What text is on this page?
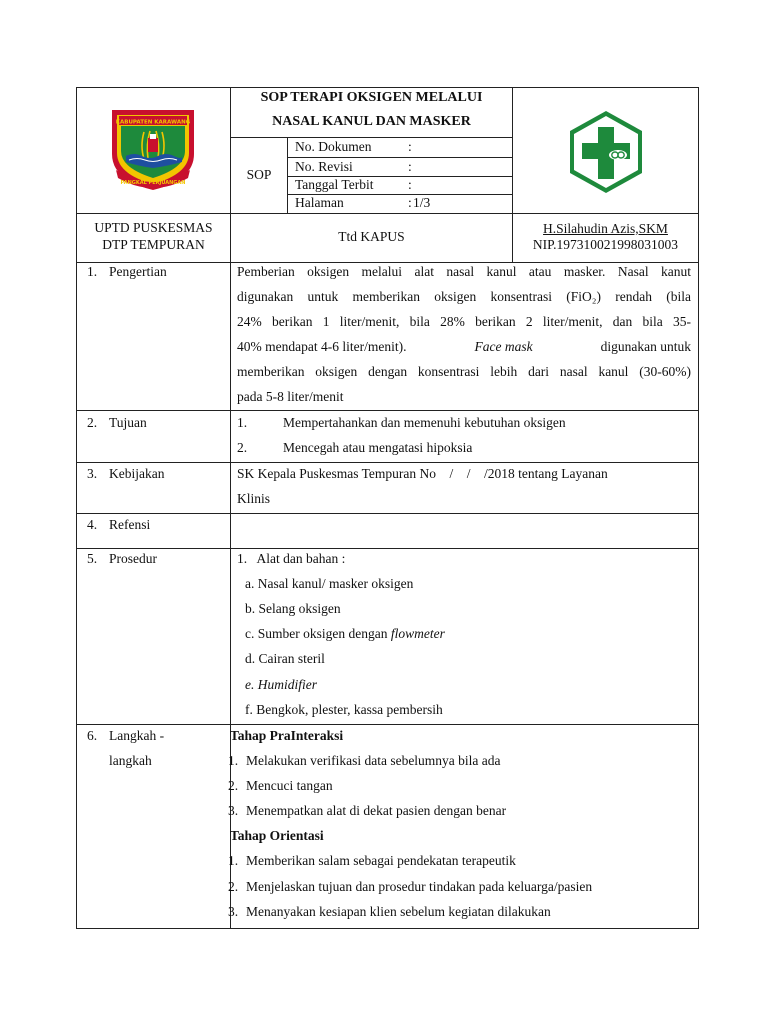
KABUPATEN KARAWANG
PANGKAL PERJUANGAN
SOP TERAPI OKSIGEN MELALUI
NASAL KANUL DAN MASKER
SOP
No. Dokumen	:
No. Revisi	:
Tanggal Terbit	:
Halaman	: 1/3
UPTD PUSKESMAS
DTP TEMPURAN
Ttd KAPUS
H.Silahudin Azis,SKM
NIP.197310021998031003
1. Pengertian	Pemberian oksigen melalui alat nasal kanul atau masker. Nasal kanut
digunakan untuk memberikan oksigen konsentrasi (FiO₂) rendah (bila
24% berikan 1 liter/menit, bila 28% berikan 2 liter/menit, dan bila 35-
40% mendapat 4-6 liter/menit).	Face mask	digunakan untuk
memberikan oksigen dengan konsentrasi lebih dari nasal kanul (30-60%)
pada 5-8 liter/menit
2. Tujuan	1.	Mempertahankan dan memenuhi kebutuhan oksigen
2.	Mencegah atau mengatasi hipoksia
3. Kebijakan	SK Kepala Puskesmas Tempuran No    /    /    /2018 tentang Layanan
Klinis
4. Refensi
5. Prosedur	1.   Alat dan bahan :
a. Nasal kanul/ masker oksigen
b. Selang oksigen
c. Sumber oksigen dengan flowmeter
d. Cairan steril
e. Humidifier
f. Bengkok, plester, kassa pembersih
6. Langkah -
langkah
Tahap PraInteraksi
1. Melakukan verifikasi data sebelumnya bila ada
2. Mencuci tangan
3. Menempatkan alat di dekat pasien dengan benar
Tahap Orientasi
1. Memberikan salam sebagai pendekatan terapeutik
2. Menjelaskan tujuan dan prosedur tindakan pada keluarga/pasien
3. Menanyakan kesiapan klien sebelum kegiatan dilakukan
